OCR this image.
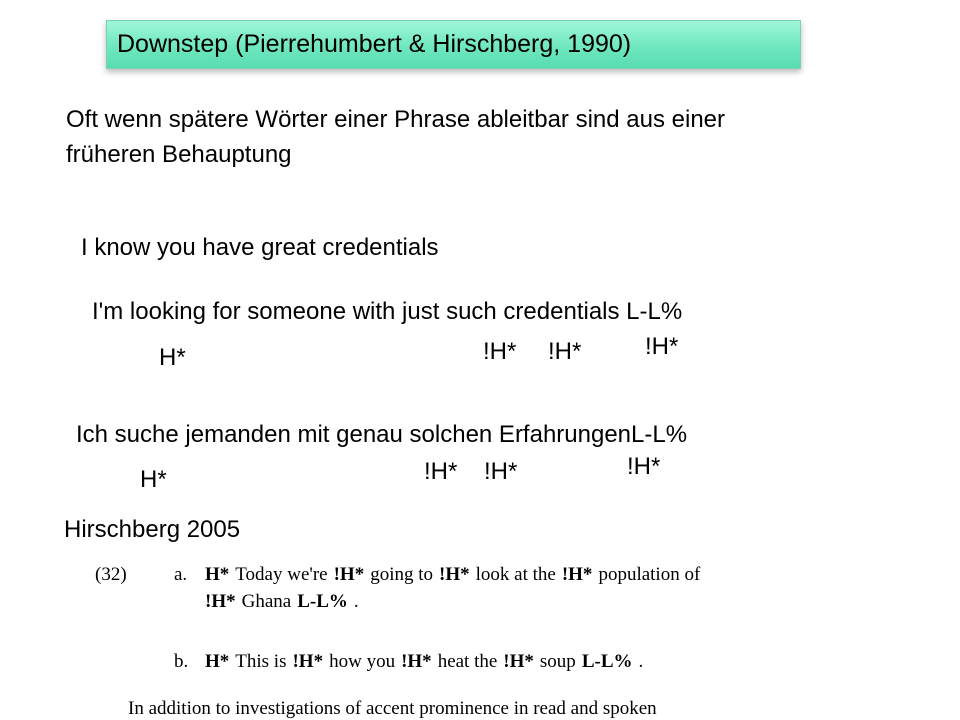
Downstep (Pierrehumbert & Hirschberg, 1990)
Oft wenn spätere Wörter einer Phrase ableitbar sind aus einer
früheren Behauptung
I know you have great credentials
I'm looking for someone with just such credentials L-L%
H*	!H* !H*	!H*
Ich suche jemanden mit genau solchen ErfahrungenL-L%
H*	!H* !H*	!H*
Hirschberg 2005
(32) a. H* Today we're !H* going to !H* look at the !H* population of
!H* Ghana L-L% .
b. H* This is !H* how you !H* heat the !H* soup L-L% .
In addition to investigations of accent prominence in read and spoken
